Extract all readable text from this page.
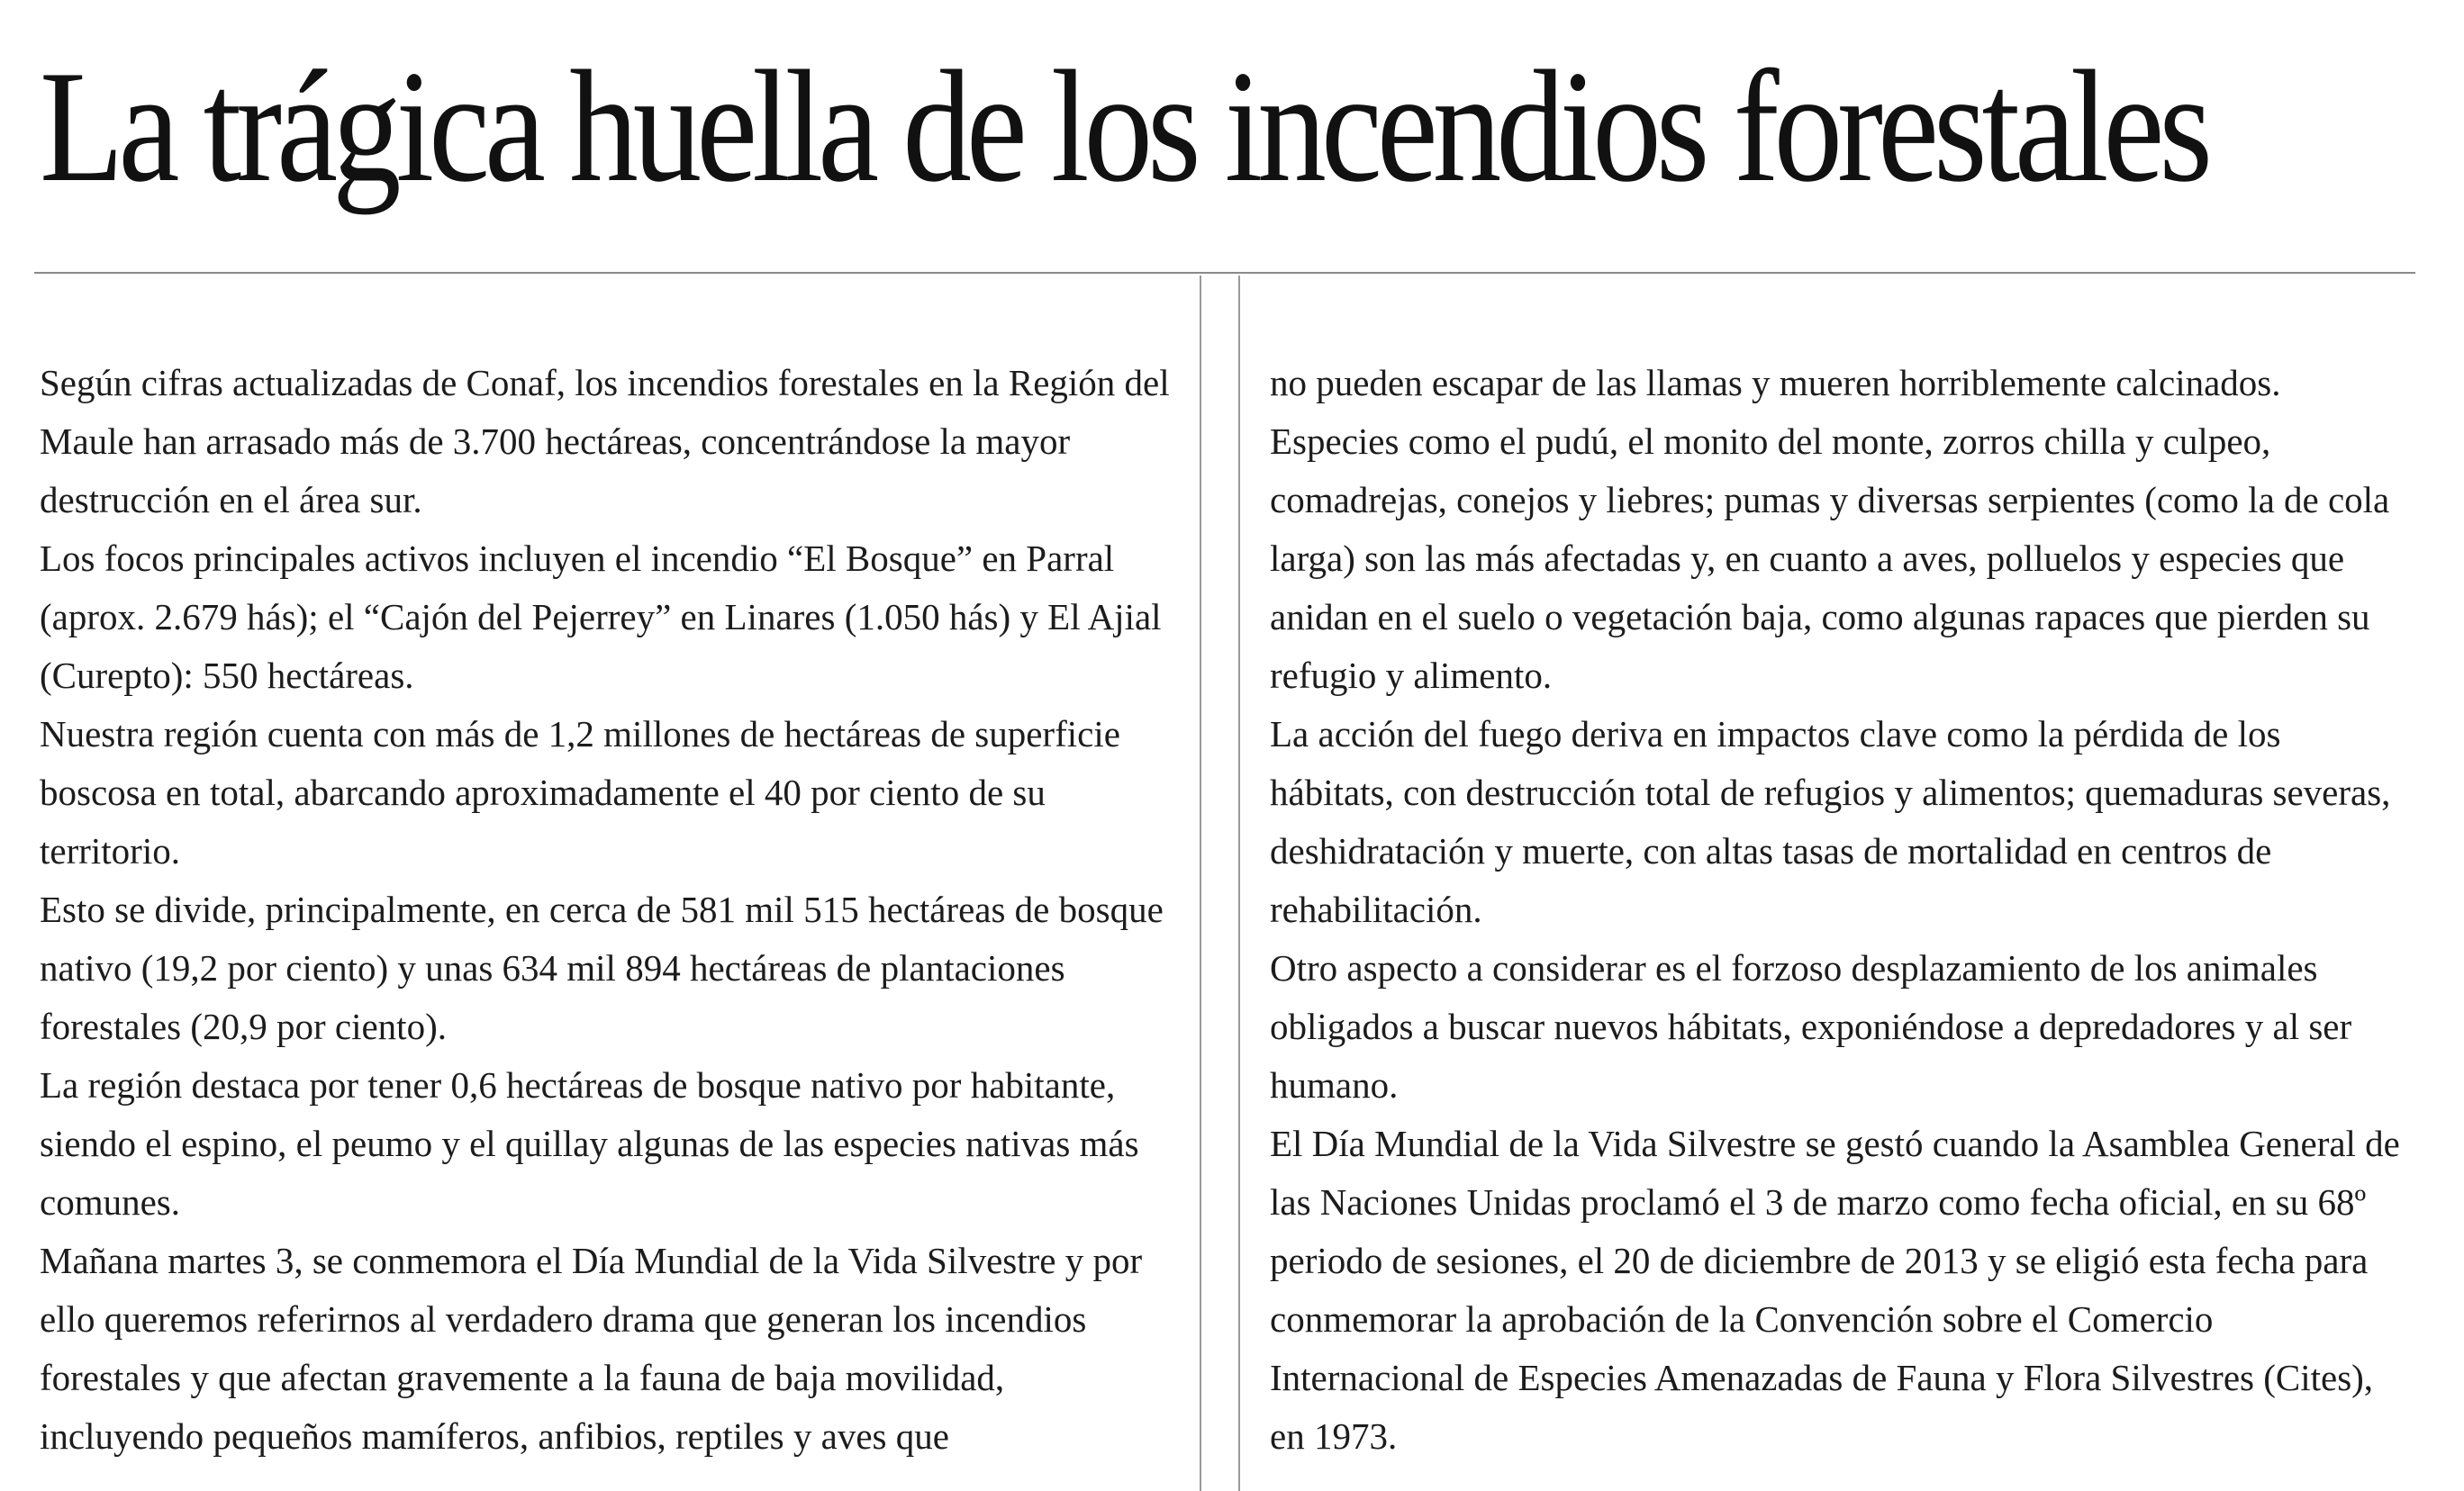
La trágica huella de los incendios forestales

Según cifras actualizadas de Conaf, los incendios forestales en la Región del Maule han arrasado más de 3.700 hectáreas, concentrándose la mayor destrucción en el área sur.

Los focos principales activos incluyen el incendio “El Bosque” en Parral (aprox. 2.679 hás); el “Cajón del Pejerrey” en Linares (1.050 hás) y El Ajial (Curepto): 550 hectáreas.

Nuestra región cuenta con más de 1,2 millones de hectáreas de superficie boscosa en total, abarcando aproximadamente el 40 por ciento de su territorio.

Esto se divide, principalmente, en cerca de 581 mil 515 hectáreas de bosque nativo (19,2 por ciento) y unas 634 mil 894 hectáreas de plantaciones forestales (20,9 por ciento).

La región destaca por tener 0,6 hectáreas de bosque nativo por habitante, siendo el espino, el peumo y el quillay algunas de las especies nativas más comunes.

Mañana martes 3, se conmemora el Día Mundial de la Vida Silvestre y por ello queremos referirnos al verdadero drama que generan los incendios forestales y que afectan gravemente a la fauna de baja movilidad, incluyendo pequeños mamíferos, anfibios, reptiles y aves que

no pueden escapar de las llamas y mueren horriblemente calcinados. Especies como el pudú, el monito del monte, zorros chilla y culpeo, comadrejas, conejos y liebres; pumas y diversas serpientes (como la de cola larga) son las más afectadas y, en cuanto a aves, polluelos y especies que anidan en el suelo o vegetación baja, como algunas rapaces que pierden su refugio y alimento.

La acción del fuego deriva en impactos clave como la pérdida de los hábitats, con destrucción total de refugios y alimentos; quemaduras severas, deshidratación y muerte, con altas tasas de mortalidad en centros de rehabilitación.

Otro aspecto a considerar es el forzoso desplazamiento de los animales obligados a buscar nuevos hábitats, exponiéndose a depredadores y al ser humano.

El Día Mundial de la Vida Silvestre se gestó cuando la Asamblea General de las Naciones Unidas proclamó el 3 de marzo como fecha oficial, en su 68º periodo de sesiones, el 20 de diciembre de 2013 y se eligió esta fecha para conmemorar la aprobación de la Convención sobre el Comercio Internacional de Especies Amenazadas de Fauna y Flora Silvestres (Cites), en 1973.
